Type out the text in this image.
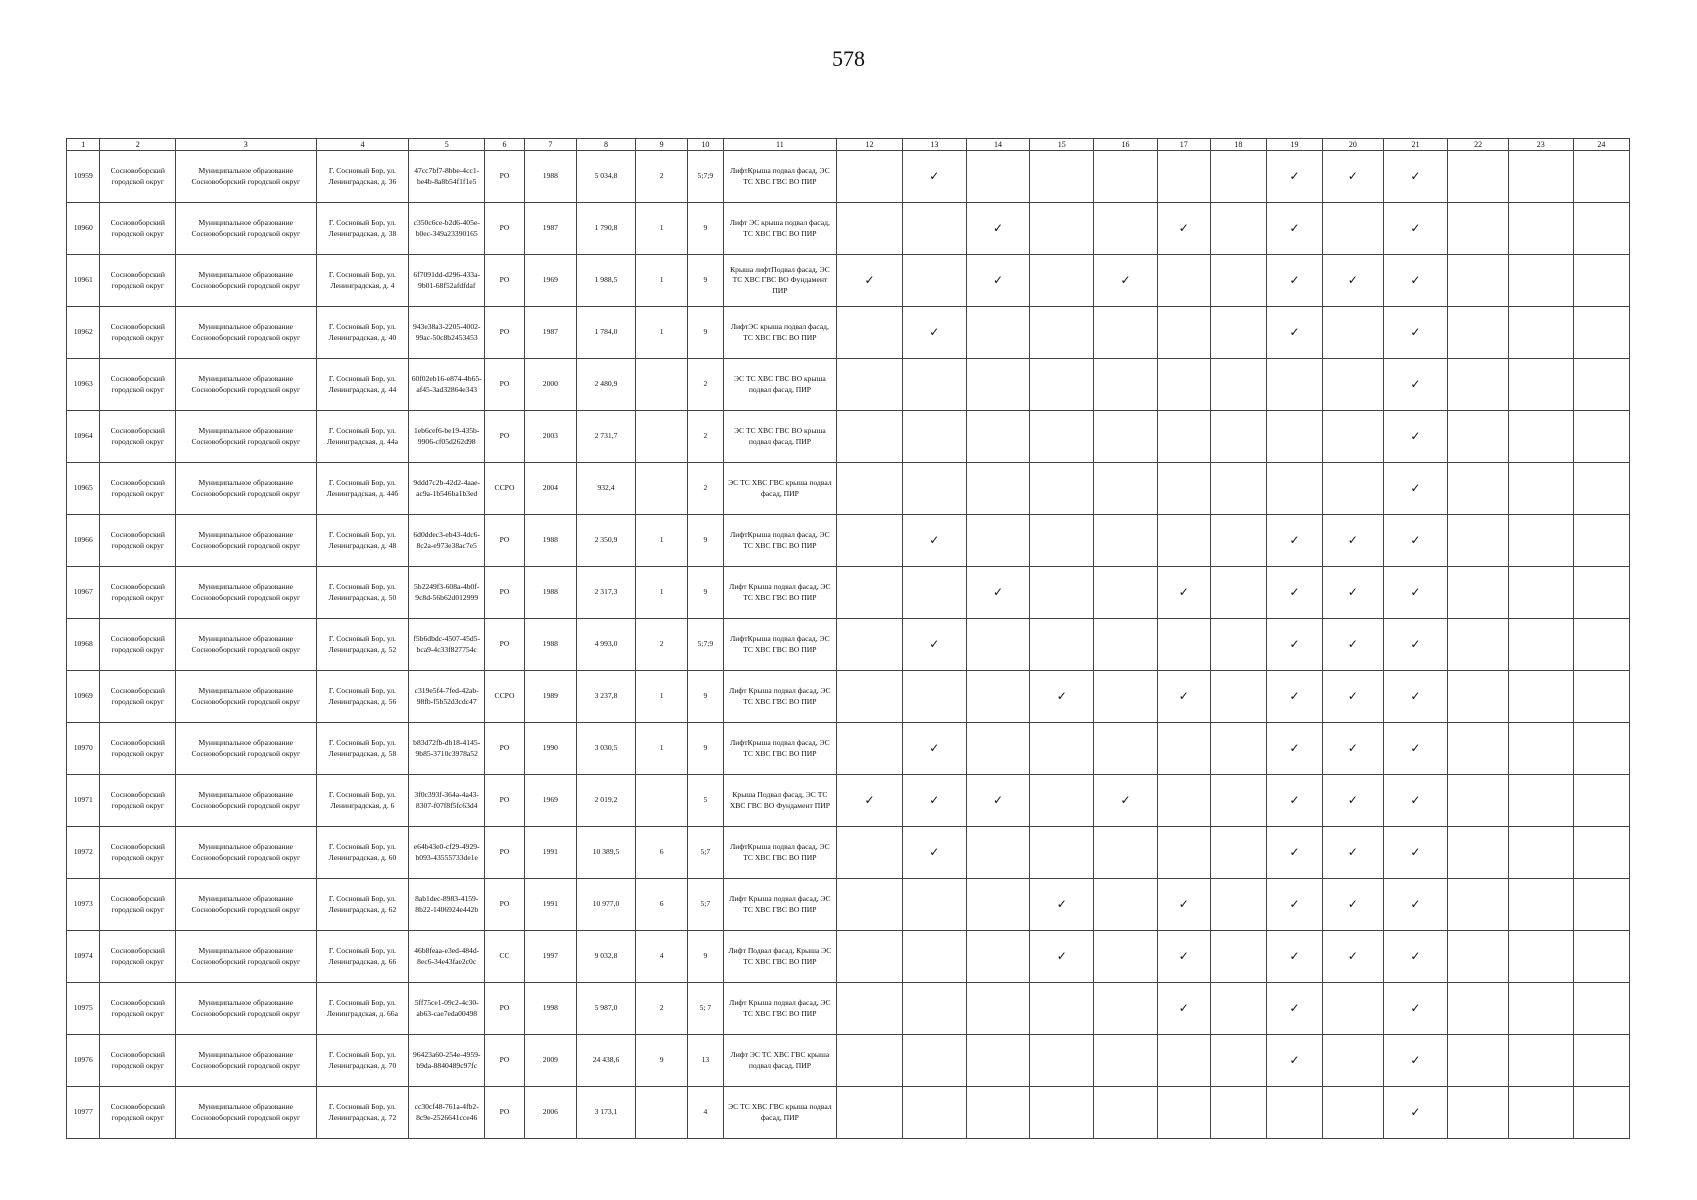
578
1	2	3	4	5	6	7	8	9	10	11	12	13	14	15	16	17	18	19	20	21	22	23	24
10959	Сосновоборский городской округ	Муниципальное образование Сосновоборский городской округ	Г. Сосновый Бор, ул. Ленинградская, д. 36	47cc7bf7-8bbe-4cc1-be4b-8a8b54f1f1e5	РО	1988	5 034,8	2	5;7;9	ЛифтКрыша подвал фасад, ЭС ТС ХВС ГВС ВО ПИР		✓						✓	✓	✓			
10960	Сосновоборский городской округ	Муниципальное образование Сосновоборский городской округ	Г. Сосновый Бор, ул. Ленинградская, д. 38	c350c6ce-b2d6-405e-b0ec-349a23390165	РО	1987	1 790,8	1	9	Лифт ЭС крыша подвал фасад, ТС ХВС ГВС ВО ПИР			✓			✓		✓		✓			
10961	Сосновоборский городской округ	Муниципальное образование Сосновоборский городской округ	Г. Сосновый Бор, ул. Ленинградская, д. 4	6f7091dd-d296-433a-9b01-68f52afdfdaf	РО	1969	1 988,5	1	9	Крыша лифтПодвал фасад, ЭС ТС ХВС ГВС ВО Фундамент ПИР	✓		✓		✓			✓	✓	✓			
10962	Сосновоборский городской округ	Муниципальное образование Сосновоборский городской округ	Г. Сосновый Бор, ул. Ленинградская, д. 40	943e38a3-2205-4002-99ac-50c8b2453453	РО	1987	1 784,0	1	9	ЛифтЭС крыша подвал фасад, ТС ХВС ГВС ВО ПИР		✓						✓		✓			
10963	Сосновоборский городской округ	Муниципальное образование Сосновоборский городской округ	Г. Сосновый Бор, ул. Ленинградская, д. 44	60f02eb16-e874-4b65-af45-3ad32864e343	РО	2000	2 480,9		2	ЭС ТС ХВС ГВС ВО крыша подвал фасад, ПИР										✓			
10964	Сосновоборский городской округ	Муниципальное образование Сосновоборский городской округ	Г. Сосновый Бор, ул. Ленинградская, д. 44а	1eb6cef6-be19-435b-9906-cf05d262d98	РО	2003	2 731,7		2	ЭС ТС ХВС ГВС ВО крыша подвал фасад, ПИР										✓			
10965	Сосновоборский городской округ	Муниципальное образование Сосновоборский городской округ	Г. Сосновый Бор, ул. Ленинградская, д. 44б	9ddd7c2b-42d2-4aae-ac9a-1b546ba1b3ed	ССРО	2004	932,4		2	ЭС ТС ХВС ГВС крыша подвал фасад, ПИР										✓			
10966	Сосновоборский городской округ	Муниципальное образование Сосновоборский городской округ	Г. Сосновый Бор, ул. Ленинградская, д. 48	6d0ddec3-eb43-4dc6-8c2a-e973e38ac7e5	РО	1988	2 350,9	1	9	ЛифтКрыша подвал фасад, ЭС ТС ХВС ГВС ВО ПИР		✓						✓	✓	✓			
10967	Сосновоборский городской округ	Муниципальное образование Сосновоборский городской округ	Г. Сосновый Бор, ул. Ленинградская, д. 50	5b2249f3-608a-4b0f-9c8d-56b62d012999	РО	1988	2 317,3	1	9	Лифт Крыша подвал фасад, ЭС ТС ХВС ГВС ВО ПИР			✓			✓		✓	✓	✓			
10968	Сосновоборский городской округ	Муниципальное образование Сосновоборский городской округ	Г. Сосновый Бор, ул. Ленинградская, д. 52	f5b6dbdc-4507-45d5-bca9-4c33f827754c	РО	1988	4 993,0	2	5;7;9	ЛифтКрыша подвал фасад, ЭС ТС ХВС ГВС ВО ПИР		✓						✓	✓	✓			
10969	Сосновоборский городской округ	Муниципальное образование Сосновоборский городской округ	Г. Сосновый Бор, ул. Ленинградская, д. 56	c319e5f4-7fed-42ab-98fb-f5b52d3cdc47	ССРО	1989	3 237,8	1	9	Лифт Крыша подвал фасад, ЭС ТС ХВС ГВС ВО ПИР				✓		✓		✓	✓	✓			
10970	Сосновоборский городской округ	Муниципальное образование Сосновоборский городской округ	Г. Сосновый Бор, ул. Ленинградская, д. 58	b83d72fb-db18-4145-9b85-3710c3978a52	РО	1990	3 030,5	1	9	ЛифтКрыша подвал фасад, ЭС ТС ХВС ГВС ВО ПИР		✓						✓	✓	✓			
10971	Сосновоборский городской округ	Муниципальное образование Сосновоборский городской округ	Г. Сосновый Бор, ул. Ленинградская, д. 6	3f0c393f-364a-4a43-8307-f07f8f5fc63d4	РО	1969	2 019,2		5	Крыша Подвал фасад, ЭС ТС ХВС ГВС ВО Фундамент ПИР	✓	✓	✓		✓			✓	✓	✓			
10972	Сосновоборский городской округ	Муниципальное образование Сосновоборский городской округ	Г. Сосновый Бор, ул. Ленинградская, д. 60	e64b43e0-cf29-4929-b093-43555733de1e	РО	1991	10 389,5	6	5;7	ЛифтКрыша подвал фасад, ЭС ТС ХВС ГВС ВО ПИР		✓						✓	✓	✓			
10973	Сосновоборский городской округ	Муниципальное образование Сосновоборский городской округ	Г. Сосновый Бор, ул. Ленинградская, д. 62	8ab1dec-8983-4159-8b22-1406924e442b	РО	1991	10 977,0	6	5;7	Лифт Крыша подвал фасад, ЭС ТС ХВС ГВС ВО ПИР				✓		✓		✓	✓	✓			
10974	Сосновоборский городской округ	Муниципальное образование Сосновоборский городской округ	Г. Сосновый Бор, ул. Ленинградская, д. 66	46b8feaa-e3ed-484d-8ec6-34e43fae2c0c	СС	1997	9 032,8	4	9	Лифт Подвал фасад, Крыша ЭС ТС ХВС ГВС ВО ПИР				✓		✓		✓	✓	✓			
10975	Сосновоборский городской округ	Муниципальное образование Сосновоборский городской округ	Г. Сосновый Бор, ул. Ленинградская, д. 66а	5ff75ce1-09c2-4c30-ab63-cae7eda00498	РО	1998	5 987,0	2	5; 7	Лифт Крыша подвал фасад, ЭС ТС ХВС ГВС ВО ПИР						✓		✓		✓			
10976	Сосновоборский городской округ	Муниципальное образование Сосновоборский городской округ	Г. Сосновый Бор, ул. Ленинградская, д. 70	96423a60-254e-4959-b9da-8840489c97fc	РО	2009	24 438,6	9	13	Лифт ЭС ТС ХВС ГВС крыша подвал фасад, ПИР								✓		✓			
10977	Сосновоборский городской округ	Муниципальное образование Сосновоборский городской округ	Г. Сосновый Бор, ул. Ленинградская, д. 72	cc30cf48-761a-4fb2-8c9e-2526641cce46	РО	2006	3 173,1		4	ЭС ТС ХВС ГВС крыша подвал фасад, ПИР										✓			
